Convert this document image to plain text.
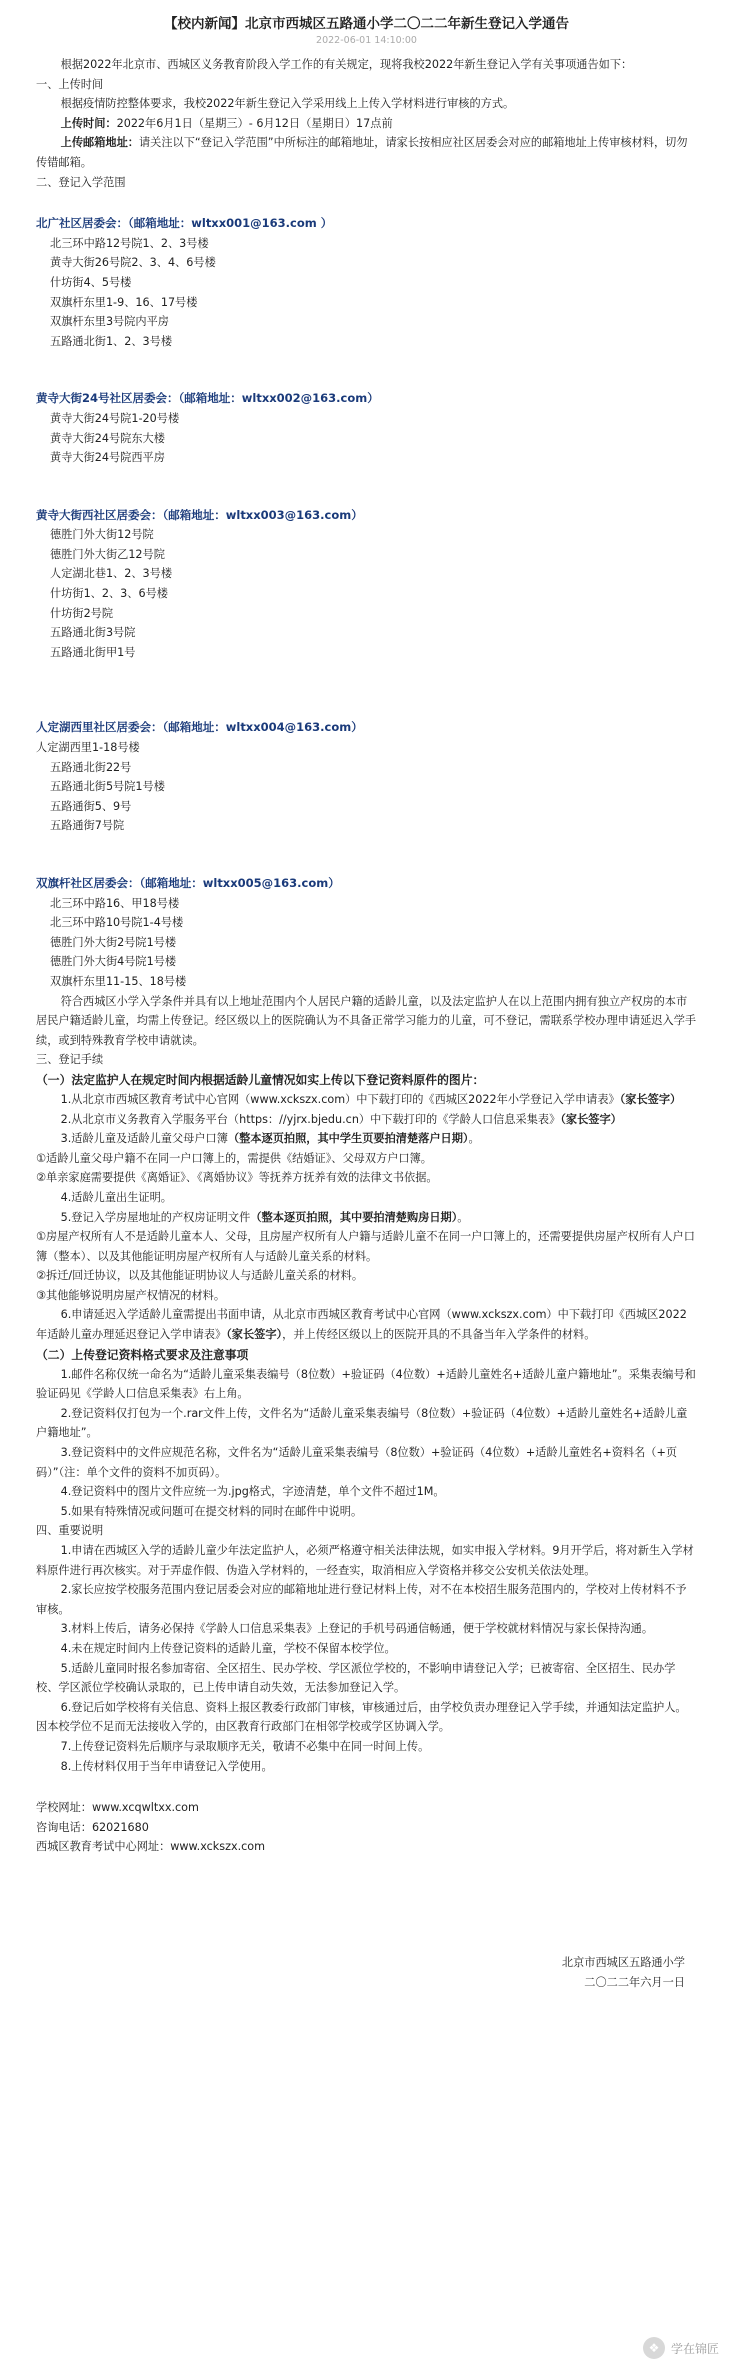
【校内新闻】北京市西城区五路通小学二〇二二年新生登记入学通告

2022-06-01 14:10:00

根据2022年北京市、西城区义务教育阶段入学工作的有关规定，现将我校2022年新生登记入学有关事项通告如下：

一、上传时间

根据疫情防控整体要求，我校2022年新生登记入学采用线上上传入学材料进行审核的方式。

上传时间：2022年6月1日（星期三）- 6月12日（星期日）17点前

上传邮箱地址：请关注以下“登记入学范围”中所标注的邮箱地址，请家长按相应社区居委会对应的邮箱地址上传审核材料，切勿传错邮箱。

二、登记入学范围

北广社区居委会：（邮箱地址：wltxx001@163.com ）

北三环中路12号院1、2、3号楼

黄寺大街26号院2、3、4、6号楼

什坊街4、5号楼

双旗杆东里1-9、16、17号楼

双旗杆东里3号院内平房

五路通北街1、2、3号楼

黄寺大街24号社区居委会：（邮箱地址：wltxx002@163.com）

黄寺大街24号院1-20号楼

黄寺大街24号院东大楼

黄寺大街24号院西平房

黄寺大街西社区居委会：（邮箱地址：wltxx003@163.com）

德胜门外大街12号院

德胜门外大街乙12号院

人定湖北巷1、2、3号楼

什坊街1、2、3、6号楼

什坊街2号院

五路通北街3号院

五路通北街甲1号

人定湖西里社区居委会：（邮箱地址：wltxx004@163.com）

人定湖西里1-18号楼

五路通北街22号

五路通北街5号院1号楼

五路通街5、9号

五路通街7号院

双旗杆社区居委会：（邮箱地址：wltxx005@163.com）

北三环中路16、甲18号楼

北三环中路10号院1-4号楼

德胜门外大街2号院1号楼

德胜门外大街4号院1号楼

双旗杆东里11-15、18号楼

符合西城区小学入学条件并具有以上地址范围内个人居民户籍的适龄儿童，以及法定监护人在以上范围内拥有独立产权房的本市居民户籍适龄儿童，均需上传登记。经区级以上的医院确认为不具备正常学习能力的儿童，可不登记，需联系学校办理申请延迟入学手续，或到特殊教育学校申请就读。

三、登记手续

（一）法定监护人在规定时间内根据适龄儿童情况如实上传以下登记资料原件的图片：

1.从北京市西城区教育考试中心官网（www.xckszx.com）中下载打印的《西城区2022年小学登记入学申请表》（家长签字）

2.从北京市义务教育入学服务平台（https：//yjrx.bjedu.cn）中下载打印的《学龄人口信息采集表》（家长签字）

3.适龄儿童及适龄儿童父母户口簿（整本逐页拍照，其中学生页要拍清楚落户日期）。

①适龄儿童父母户籍不在同一户口簿上的，需提供《结婚证》、父母双方户口簿。

②单亲家庭需要提供《离婚证》、《离婚协议》等抚养方抚养有效的法律文书依据。

4.适龄儿童出生证明。

5.登记入学房屋地址的产权房证明文件（整本逐页拍照，其中要拍清楚购房日期）。

①房屋产权所有人不是适龄儿童本人、父母，且房屋产权所有人户籍与适龄儿童不在同一户口簿上的，还需要提供房屋产权所有人户口簿（整本）、以及其他能证明房屋产权所有人与适龄儿童关系的材料。

②拆迁/回迁协议，以及其他能证明协议人与适龄儿童关系的材料。

③其他能够说明房屋产权情况的材料。

6.申请延迟入学适龄儿童需提出书面申请，从北京市西城区教育考试中心官网（www.xckszx.com）中下载打印《西城区2022年适龄儿童办理延迟登记入学申请表》（家长签字），并上传经区级以上的医院开具的不具备当年入学条件的材料。

（二）上传登记资料格式要求及注意事项

1.邮件名称仅统一命名为“适龄儿童采集表编号（8位数）+验证码（4位数）+适龄儿童姓名+适龄儿童户籍地址”。采集表编号和验证码见《学龄人口信息采集表》右上角。

2.登记资料仅打包为一个.rar文件上传，文件名为“适龄儿童采集表编号（8位数）+验证码（4位数）+适龄儿童姓名+适龄儿童户籍地址”。

3.登记资料中的文件应规范名称，文件名为“适龄儿童采集表编号（8位数）+验证码（4位数）+适龄儿童姓名+资料名（+页码）”（注：单个文件的资料不加页码）。

4.登记资料中的图片文件应统一为.jpg格式，字迹清楚，单个文件不超过1M。

5.如果有特殊情况或问题可在提交材料的同时在邮件中说明。

四、重要说明

1.申请在西城区入学的适龄儿童少年法定监护人，必须严格遵守相关法律法规，如实申报入学材料。9月开学后，将对新生入学材料原件进行再次核实。对于弄虚作假、伪造入学材料的，一经查实，取消相应入学资格并移交公安机关依法处理。

2.家长应按学校服务范围内登记居委会对应的邮箱地址进行登记材料上传，对不在本校招生服务范围内的，学校对上传材料不予审核。

3.材料上传后，请务必保持《学龄人口信息采集表》上登记的手机号码通信畅通，便于学校就材料情况与家长保持沟通。

4.未在规定时间内上传登记资料的适龄儿童，学校不保留本校学位。

5.适龄儿童同时报名参加寄宿、全区招生、民办学校、学区派位学校的，不影响申请登记入学；已被寄宿、全区招生、民办学校、学区派位学校确认录取的，已上传申请自动失效，无法参加登记入学。

6.登记后如学校将有关信息、资料上报区教委行政部门审核，审核通过后，由学校负责办理登记入学手续，并通知法定监护人。因本校学位不足而无法接收入学的，由区教育行政部门在相邻学校或学区协调入学。

7.上传登记资料先后顺序与录取顺序无关，敬请不必集中在同一时间上传。

8.上传材料仅用于当年申请登记入学使用。

学校网址：www.xcqwltxx.com

咨询电话：62021680

西城区教育考试中心网址：www.xckszx.com

北京市西城区五路通小学

二〇二二年六月一日

❖ 学在锦匠
